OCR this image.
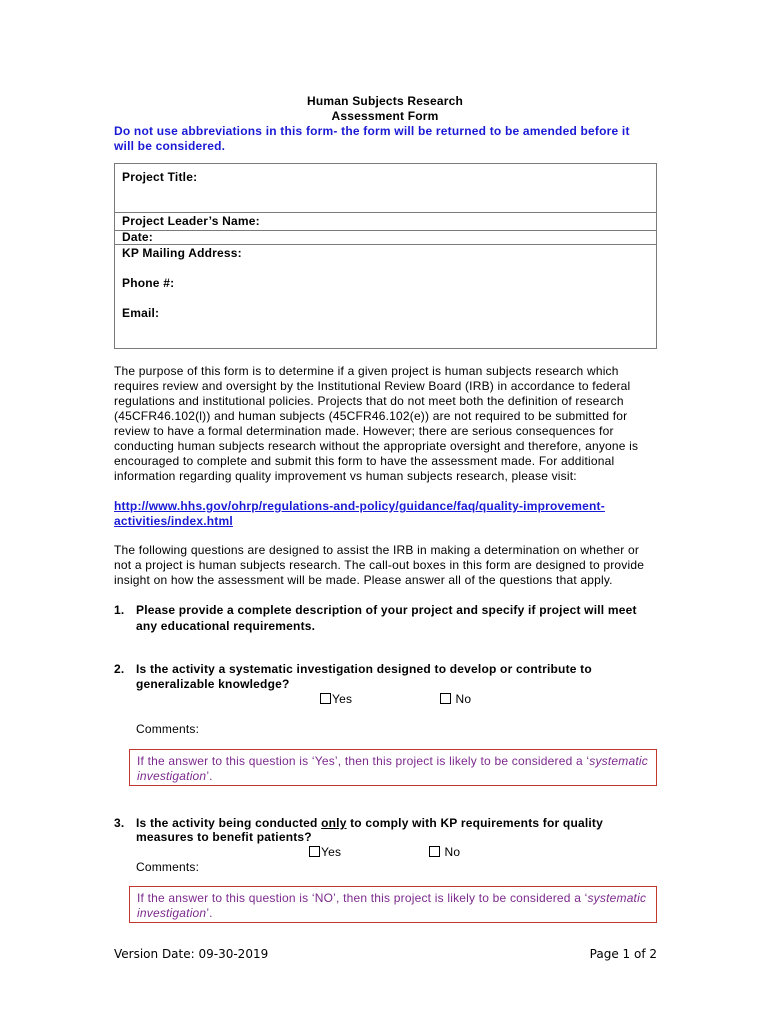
Human Subjects Research
Assessment Form
Do not use abbreviations in this form- the form will be returned to be amended before it
will be considered.
Project Title:
Project Leader’s Name:
Date:
KP Mailing Address:
Phone #:
Email:
The purpose of this form is to determine if a given project is human subjects research which
requires review and oversight by the Institutional Review Board (IRB) in accordance to federal
regulations and institutional policies. Projects that do not meet both the definition of research
(45CFR46.102(l)) and human subjects (45CFR46.102(e)) are not required to be submitted for
review to have a formal determination made. However; there are serious consequences for
conducting human subjects research without the appropriate oversight and therefore, anyone is
encouraged to complete and submit this form to have the assessment made. For additional
information regarding quality improvement vs human subjects research, please visit:
http://www.hhs.gov/ohrp/regulations-and-policy/guidance/faq/quality-improvement-
activities/index.html
The following questions are designed to assist the IRB in making a determination on whether or
not a project is human subjects research. The call-out boxes in this form are designed to provide
insight on how the assessment will be made. Please answer all of the questions that apply.
1. Please provide a complete description of your project and specify if project will meet
any educational requirements.
2. Is the activity a systematic investigation designed to develop or contribute to
generalizable knowledge?
Yes	No
Comments:
If the answer to this question is ‘Yes’, then this project is likely to be considered a ‘systematic
investigation’.
3. Is the activity being conducted only to comply with KP requirements for quality
measures to benefit patients?
Yes	No
Comments:
If the answer to this question is ‘NO’, then this project is likely to be considered a ‘systematic
investigation’.
Version Date: 09-30-2019	Page 1 of 2
